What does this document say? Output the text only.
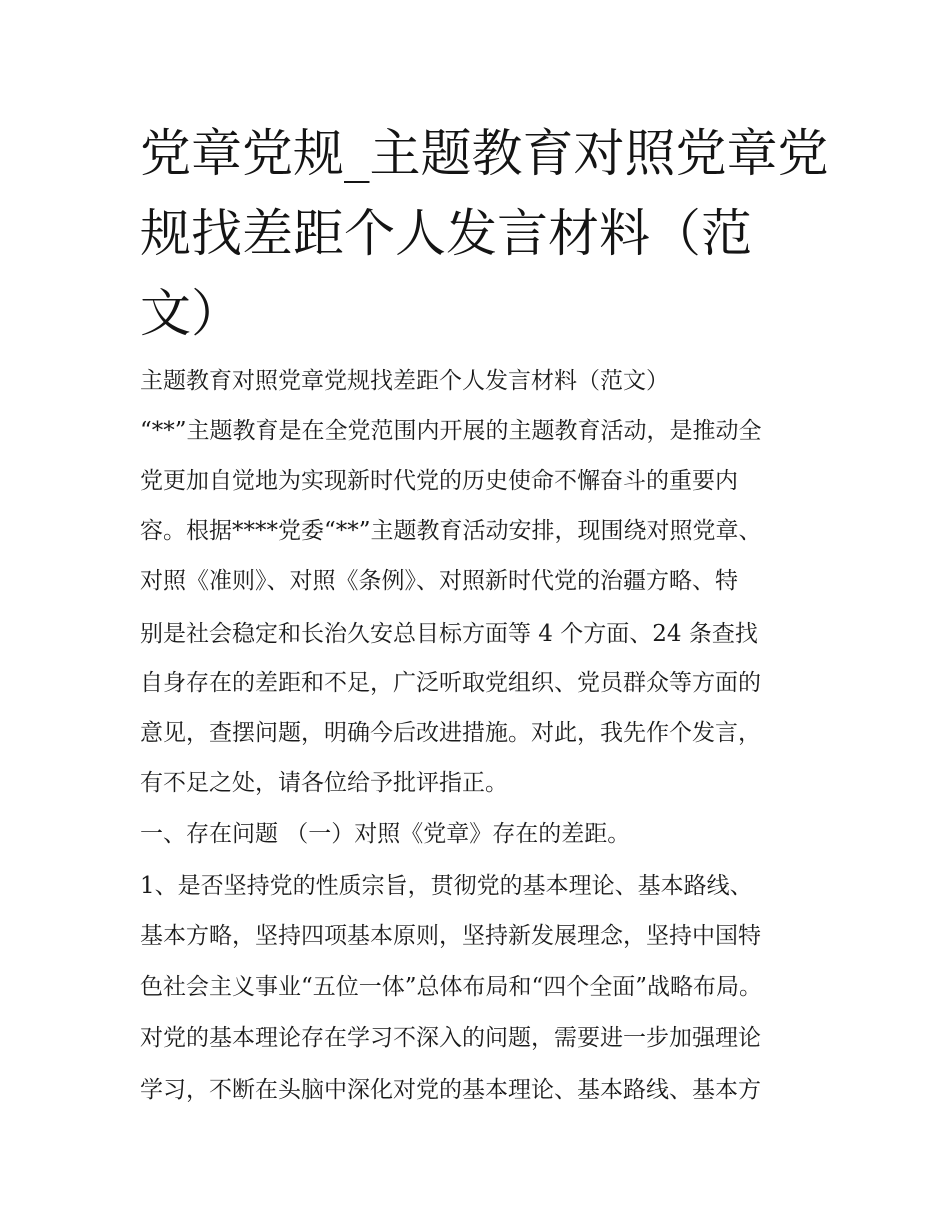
党章党规_主题教育对照党章党
规找差距个人发言材料（范
文）

主题教育对照党章党规找差距个人发言材料（范文）

“**”主题教育是在全党范围内开展的主题教育活动，是推动全

党更加自觉地为实现新时代党的历史使命不懈奋斗的重要内

容。根据****党委“**”主题教育活动安排，现围绕对照党章、

对照《准则》、对照《条例》、对照新时代党的治疆方略、特

别是社会稳定和长治久安总目标方面等 4 个方面、24 条查找

自身存在的差距和不足，广泛听取党组织、党员群众等方面的

意见，查摆问题，明确今后改进措施。对此，我先作个发言，

有不足之处，请各位给予批评指正。

一、存在问题 （一）对照《党章》存在的差距。

1、是否坚持党的性质宗旨，贯彻党的基本理论、基本路线、

基本方略，坚持四项基本原则，坚持新发展理念，坚持中国特

色社会主义事业“五位一体”总体布局和“四个全面”战略布局。

对党的基本理论存在学习不深入的问题，需要进一步加强理论

学习，不断在头脑中深化对党的基本理论、基本路线、基本方
